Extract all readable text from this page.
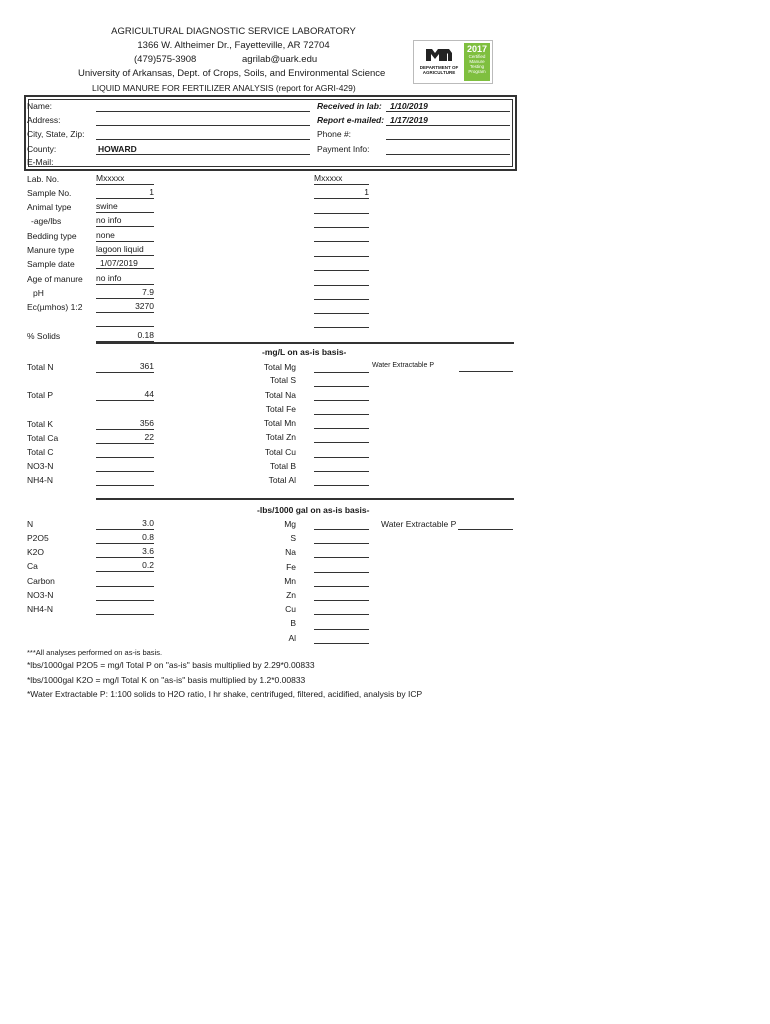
AGRICULTURAL DIAGNOSTIC SERVICE LABORATORY
1366 W. Altheimer Dr., Fayetteville, AR 72704
(479)575-3908	agrilab@uark.edu
University of Arkansas, Dept. of Crops, Soils, and Environmental Science
LIQUID MANURE FOR FERTILIZER ANALYSIS (report for AGRI-429)
DEPARTMENT OF
AGRICULTURE
2017
Certified
Manure
Testing
Program
Name:
Address:
City, State, Zip:
County:	HOWARD
E-Mail:
Received in lab: 1/10/2019
Report e-mailed: 1/17/2019
Phone #:
Payment Info:
Lab. No.
Sample No.
Animal type
-age/lbs
Bedding type
Manure type
Sample date
Age of manure
pH
Ec(µmhos) 1:2
% Solids
Mxxxxx
1
swine
no info
none
lagoon liquid
1/07/2019
no info
7.9
3270
0.18
Mxxxxx
1
-mg/L on as-is basis-
Total N
Total P
Total K
Total Ca
Total C
NO3-N
NH4-N
361
44
356
22
Total Mg
Total S
Total Na
Total Fe
Total Mn
Total Zn
Total Cu
Total B
Total Al
Water Extractable P
-lbs/1000 gal on as-is basis-
N
P2O5
K2O
Ca
Carbon
NO3-N
NH4-N
3.0
0.8
3.6
0.2
Mg
S
Na
Fe
Mn
Zn
Cu
B
Al
Water Extractable P
***All analyses performed on as-is basis.
*lbs/1000gal P2O5 = mg/l Total P on "as-is" basis multiplied by 2.29*0.00833
*lbs/1000gal K2O = mg/l Total K on "as-is" basis multiplied by 1.2*0.00833
*Water Extractable P: 1:100 solids to H2O ratio, I hr shake, centrifuged, filtered, acidified, analysis by ICP
